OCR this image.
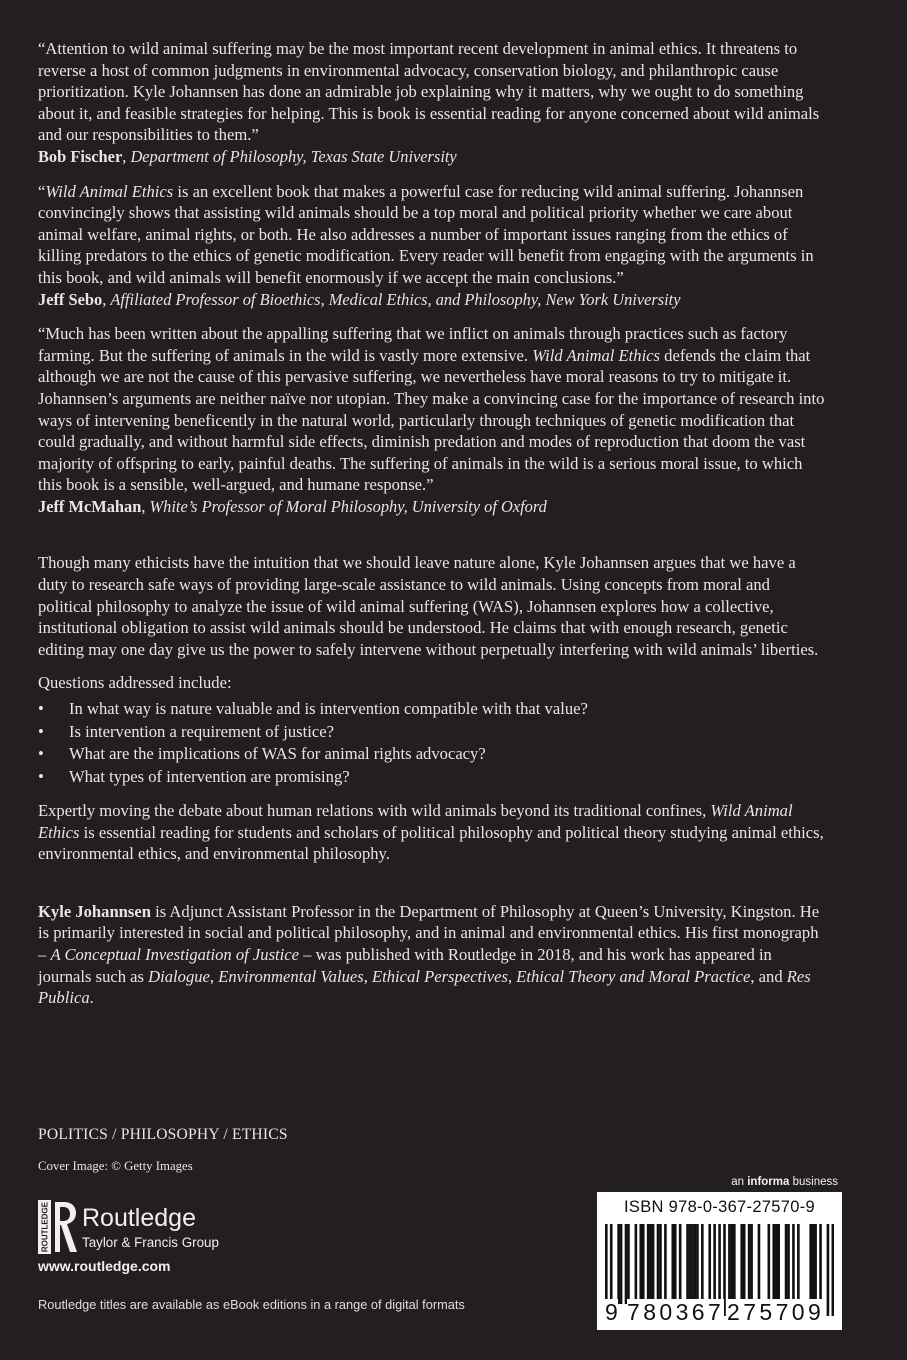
“Attention to wild animal suffering may be the most important recent development in animal ethics. It threatens to reverse a host of common judgments in environmental advocacy, conservation biology, and philanthropic cause prioritization. Kyle Johannsen has done an admirable job explaining why it matters, why we ought to do something about it, and feasible strategies for helping. This is book is essential reading for anyone concerned about wild animals and our responsibilities to them.”
Bob Fischer, Department of Philosophy, Texas State University

“Wild Animal Ethics is an excellent book that makes a powerful case for reducing wild animal suffering. Johannsen convincingly shows that assisting wild animals should be a top moral and political priority whether we care about animal welfare, animal rights, or both. He also addresses a number of important issues ranging from the ethics of killing predators to the ethics of genetic modification. Every reader will benefit from engaging with the arguments in this book, and wild animals will benefit enormously if we accept the main conclusions.”
Jeff Sebo, Affiliated Professor of Bioethics, Medical Ethics, and Philosophy, New York University

“Much has been written about the appalling suffering that we inflict on animals through practices such as factory farming. But the suffering of animals in the wild is vastly more extensive. Wild Animal Ethics defends the claim that although we are not the cause of this pervasive suffering, we nevertheless have moral reasons to try to mitigate it. Johannsen’s arguments are neither naïve nor utopian. They make a convincing case for the importance of research into ways of intervening beneficently in the natural world, particularly through techniques of genetic modification that could gradually, and without harmful side effects, diminish predation and modes of reproduction that doom the vast majority of offspring to early, painful deaths. The suffering of animals in the wild is a serious moral issue, to which this book is a sensible, well-argued, and humane response.”
Jeff McMahan, White’s Professor of Moral Philosophy, University of Oxford

Though many ethicists have the intuition that we should leave nature alone, Kyle Johannsen argues that we have a duty to research safe ways of providing large-scale assistance to wild animals. Using concepts from moral and political philosophy to analyze the issue of wild animal suffering (WAS), Johannsen explores how a collective, institutional obligation to assist wild animals should be understood. He claims that with enough research, genetic editing may one day give us the power to safely intervene without perpetually interfering with wild animals’ liberties.

Questions addressed include:

• In what way is nature valuable and is intervention compatible with that value?
• Is intervention a requirement of justice?
• What are the implications of WAS for animal rights advocacy?
• What types of intervention are promising?

Expertly moving the debate about human relations with wild animals beyond its traditional confines, Wild Animal Ethics is essential reading for students and scholars of political philosophy and political theory studying animal ethics, environmental ethics, and environmental philosophy.

Kyle Johannsen is Adjunct Assistant Professor in the Department of Philosophy at Queen’s University, Kingston. He is primarily interested in social and political philosophy, and in animal and environmental ethics. His first monograph – A Conceptual Investigation of Justice – was published with Routledge in 2018, and his work has appeared in journals such as Dialogue, Environmental Values, Ethical Perspectives, Ethical Theory and Moral Practice, and Res Publica.

POLITICS / PHILOSOPHY / ETHICS
Cover Image: © Getty Images
ROUTLEDGE Routledge
Taylor & Francis Group
www.routledge.com
Routledge titles are available as eBook editions in a range of digital formats
an informa business
ISBN 978-0-367-27570-9
9 780367 275709
